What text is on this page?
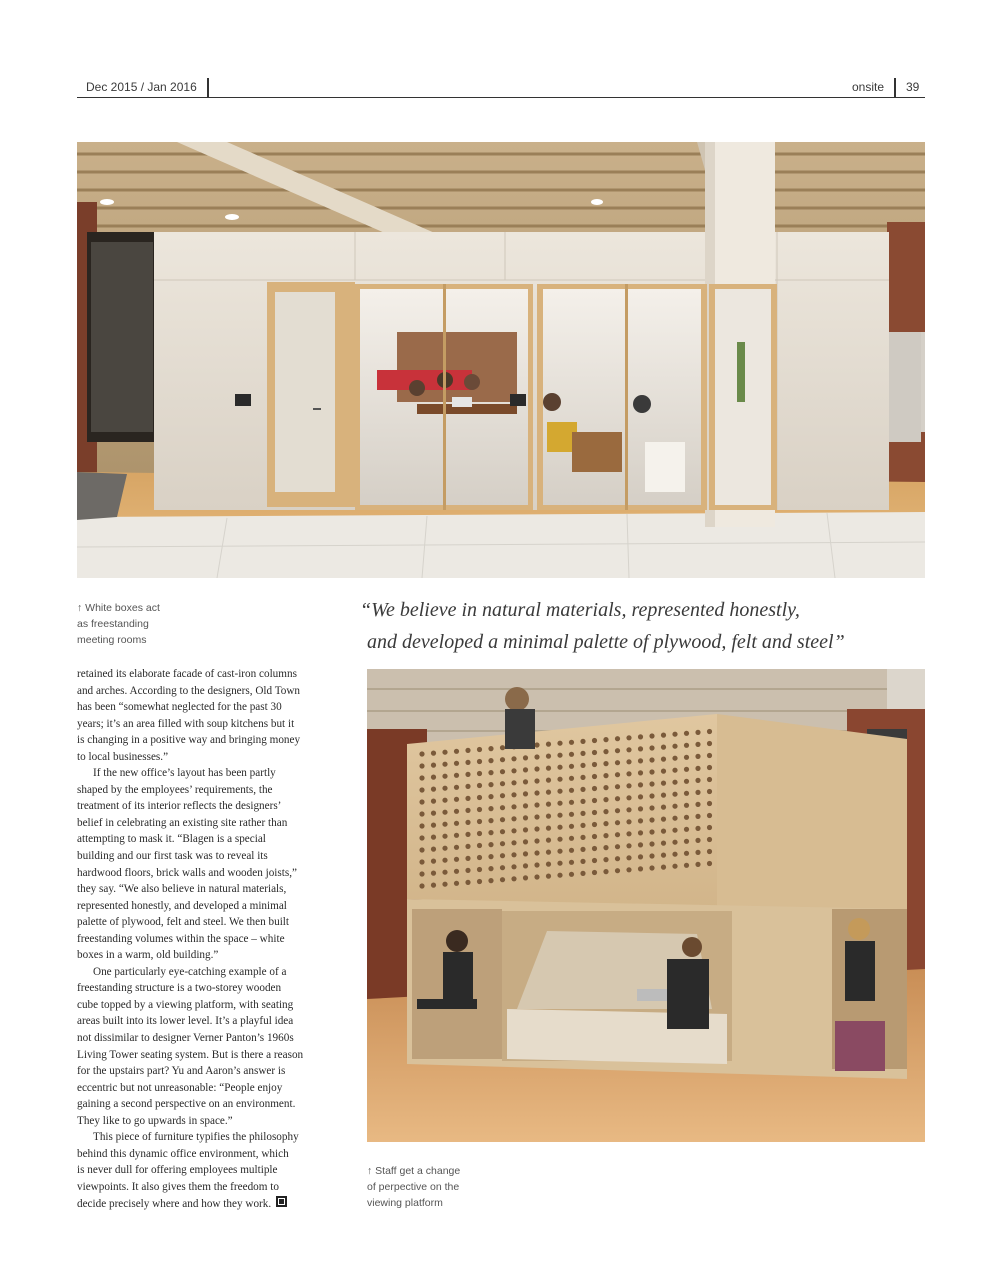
Dec 2015 / Jan 2016	onsite 39
↑ White boxes act
as freestanding
meeting rooms
“We believe in natural materials, represented honestly,
and developed a minimal palette of plywood, felt and steel”
retained its elaborate facade of cast-iron columns
and arches. According to the designers, Old Town
has been “somewhat neglected for the past 30
years; it’s an area filled with soup kitchens but it
is changing in a positive way and bringing money
to local businesses.”
If the new office’s layout has been partly
shaped by the employees’ requirements, the
treatment of its interior reflects the designers’
belief in celebrating an existing site rather than
attempting to mask it. “Blagen is a special
building and our first task was to reveal its
hardwood floors, brick walls and wooden joists,”
they say. “We also believe in natural materials,
represented honestly, and developed a minimal
palette of plywood, felt and steel. We then built
freestanding volumes within the space – white
boxes in a warm, old building.”
One particularly eye-catching example of a
freestanding structure is a two-storey wooden
cube topped by a viewing platform, with seating
areas built into its lower level. It’s a playful idea
not dissimilar to designer Verner Panton’s 1960s
Living Tower seating system. But is there a reason
for the upstairs part? Yu and Aaron’s answer is
eccentric but not unreasonable: “People enjoy
gaining a second perspective on an environment.
They like to go upwards in space.”
This piece of furniture typifies the philosophy
behind this dynamic office environment, which
is never dull for offering employees multiple
viewpoints. It also gives them the freedom to
decide precisely where and how they work.
↑ Staff get a change
of perpective on the
viewing platform
